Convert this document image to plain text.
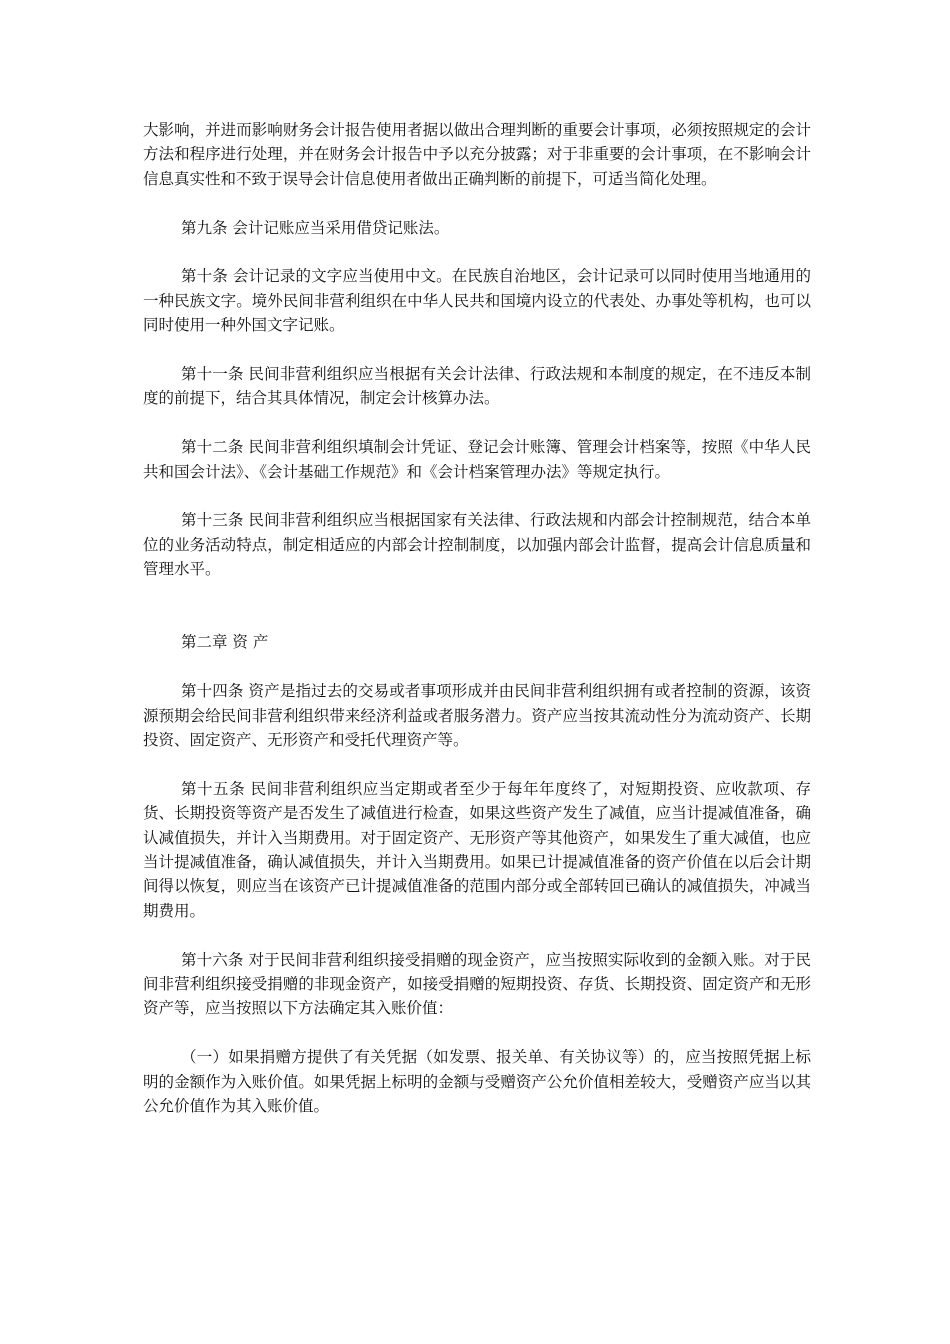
大影响，并进而影响财务会计报告使用者据以做出合理判断的重要会计事项，必须按照规定的会计方法和程序进行处理，并在财务会计报告中予以充分披露；对于非重要的会计事项，在不影响会计信息真实性和不致于误导会计信息使用者做出正确判断的前提下，可适当简化处理。

第九条 会计记账应当采用借贷记账法。

第十条 会计记录的文字应当使用中文。在民族自治地区，会计记录可以同时使用当地通用的一种民族文字。境外民间非营利组织在中华人民共和国境内设立的代表处、办事处等机构，也可以同时使用一种外国文字记账。

第十一条 民间非营利组织应当根据有关会计法律、行政法规和本制度的规定，在不违反本制度的前提下，结合其具体情况，制定会计核算办法。

第十二条 民间非营利组织填制会计凭证、登记会计账簿、管理会计档案等，按照《中华人民共和国会计法》、《会计基础工作规范》和《会计档案管理办法》等规定执行。

第十三条 民间非营利组织应当根据国家有关法律、行政法规和内部会计控制规范，结合本单位的业务活动特点，制定相适应的内部会计控制制度，以加强内部会计监督，提高会计信息质量和管理水平。

第二章 资 产

第十四条 资产是指过去的交易或者事项形成并由民间非营利组织拥有或者控制的资源，该资源预期会给民间非营利组织带来经济利益或者服务潜力。资产应当按其流动性分为流动资产、长期投资、固定资产、无形资产和受托代理资产等。

第十五条 民间非营利组织应当定期或者至少于每年年度终了，对短期投资、应收款项、存货、长期投资等资产是否发生了减值进行检查，如果这些资产发生了减值，应当计提减值准备，确认减值损失，并计入当期费用。对于固定资产、无形资产等其他资产，如果发生了重大减值，也应当计提减值准备，确认减值损失，并计入当期费用。如果已计提减值准备的资产价值在以后会计期间得以恢复，则应当在该资产已计提减值准备的范围内部分或全部转回已确认的减值损失，冲减当期费用。

第十六条 对于民间非营利组织接受捐赠的现金资产，应当按照实际收到的金额入账。对于民间非营利组织接受捐赠的非现金资产，如接受捐赠的短期投资、存货、长期投资、固定资产和无形资产等，应当按照以下方法确定其入账价值：

（一）如果捐赠方提供了有关凭据（如发票、报关单、有关协议等）的，应当按照凭据上标明的金额作为入账价值。如果凭据上标明的金额与受赠资产公允价值相差较大，受赠资产应当以其公允价值作为其入账价值。
